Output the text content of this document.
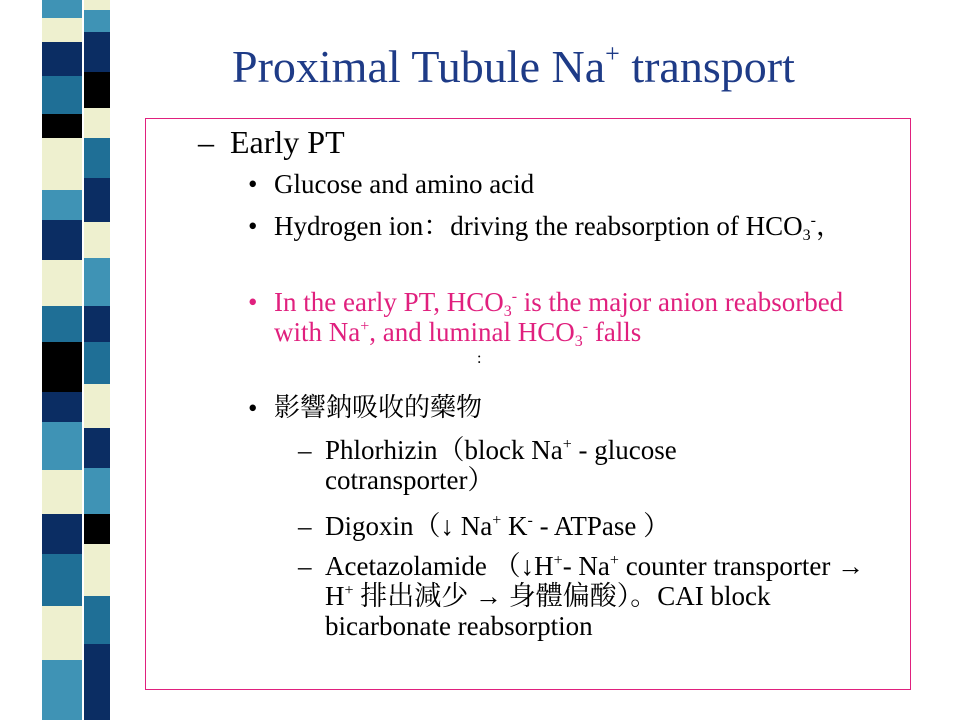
Proximal Tubule Na+ transport
– Early PT
• Glucose and amino acid
• Hydrogen ion：driving the reabsorption of $HCO_3^-$，

• In the early PT, $HCO_3^-$ is the major anion reabsorbed with Na+, and luminal $HCO_3^-$ falls

:
• 影響鈉吸收的藥物
– Phlorhizin（block Na+ - glucose cotransporter）

– Digoxin（↓ Na+ K- - ATPase ）

– Acetazolamide （↓H+- Na+ counter transporter → H+ 排出減少 → 身體偏酸）。CAI block bicarbonate reabsorption
